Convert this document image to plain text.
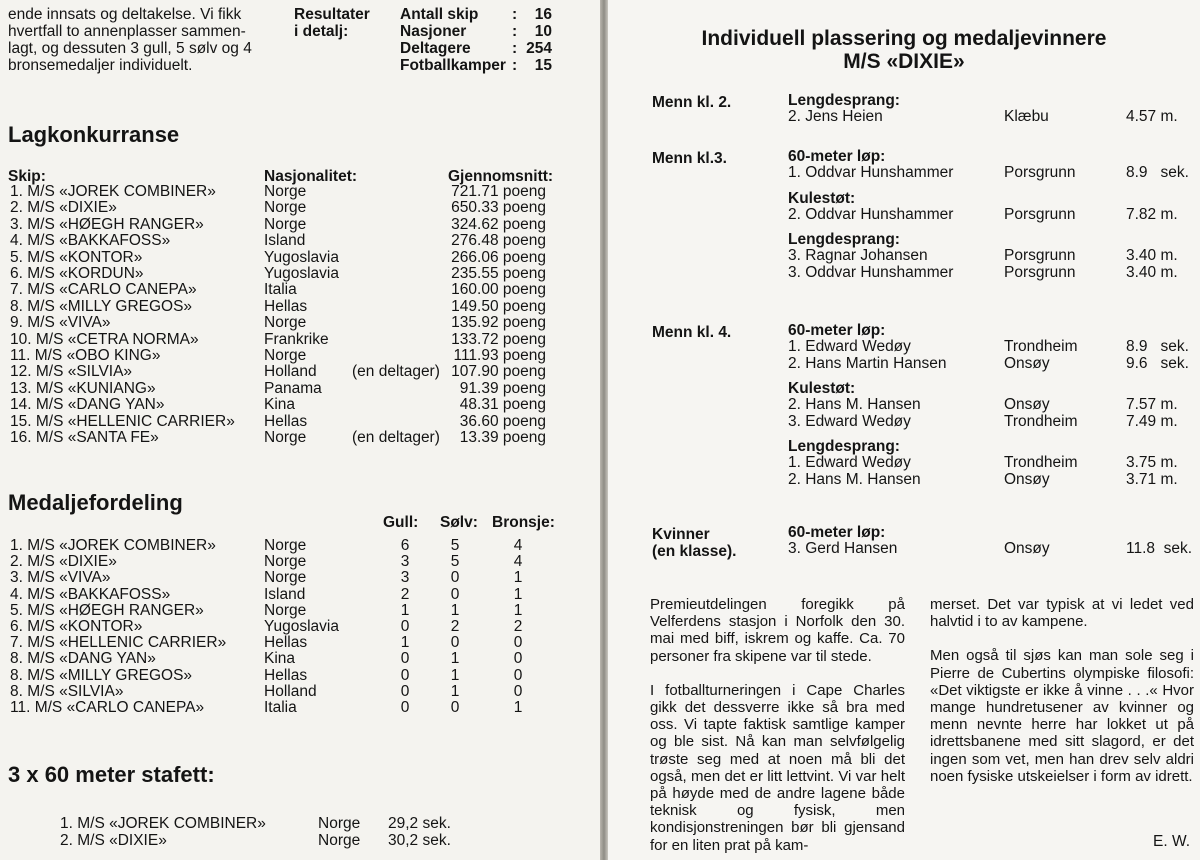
ende innsats og deltakelse. Vi fikk
hvertfall to annenplasser sammen-
lagt, og dessuten 3 gull, 5 sølv og 4
bronsemedaljer individuelt.
Resultater
i detalj:
Antall skip :	16
Nasjoner	:	10
Deltagere	: 254
Fotballkamper :	15
Lagkonkurranse
Skip:	Nasjonalitet:	Gjennomsnitt:
1. M/S «JOREK COMBINER»	Norge	721.71 poeng
2. M/S «DIXIE»	Norge	650.33 poeng
3. M/S «HØEGH RANGER»	Norge	324.62 poeng
4. M/S «BAKKAFOSS»	Island	276.48 poeng
5. M/S «KONTOR»	Yugoslavia	266.06 poeng
6. M/S «KORDUN»	Yugoslavia	235.55 poeng
7. M/S «CARLO CANEPA»	Italia	160.00 poeng
8. M/S «MILLY GREGOS»	Hellas	149.50 poeng
9. M/S «VIVA»	Norge	135.92 poeng
10. M/S «CETRA NORMA»	Frankrike	133.72 poeng
11. M/S «OBO KING»	Norge	111.93 poeng
12. M/S «SILVIA»	Holland (en deltager) 107.90 poeng
13. M/S «KUNIANG»	Panama	91.39 poeng
14. M/S «DANG YAN»	Kina	48.31 poeng
15. M/S «HELLENIC CARRIER» Hellas	36.60 poeng
16. M/S «SANTA FE»	Norge	(en deltager)	13.39 poeng
Medaljefordeling
Gull: Sølv: Bronsje:
1. M/S «JOREK COMBINER»	Norge	6	5	4
2. M/S «DIXIE»	Norge	3	5	4
3. M/S «VIVA»	Norge	3	0	1
4. M/S «BAKKAFOSS»	Island	2	0	1
5. M/S «HØEGH RANGER»	Norge	1	1	1
6. M/S «KONTOR»	Yugoslavia	0	2	2
7. M/S «HELLENIC CARRIER» Hellas	1	0	0
8. M/S «DANG YAN»	Kina	0	1	0
8. M/S «MILLY GREGOS»	Hellas	0	1	0
8. M/S «SILVIA»	Holland	0	1	0
11. M/S «CARLO CANEPA»	Italia	0	0	1
3 x 60 meter stafett:
1. M/S «JOREK COMBINER»	Norge 29,2 sek.
2. M/S «DIXIE»	Norge 30,2 sek.
Individuell plassering og medaljevinnere
M/S «DIXIE»
Menn kl. 2.	Lengdesprang:
2. Jens Heien	Klæbu	4.57 m.
Menn kl.3.	60-meter løp:
1. Oddvar Hunshammer	Porsgrunn	8.9   sek.
Kulestøt:
2. Oddvar Hunshammer	Porsgrunn	7.82 m.
Lengdesprang:
3. Ragnar Johansen	Porsgrunn	3.40 m.
3. Oddvar Hunshammer	Porsgrunn	3.40 m.
Menn kl. 4.	60-meter løp:
1. Edward Wedøy	Trondheim	8.9   sek.
2. Hans Martin Hansen	Onsøy	9.6   sek.
Kulestøt:
2. Hans M. Hansen	Onsøy	7.57 m.
3. Edward Wedøy	Trondheim	7.49 m.
Lengdesprang:
1. Edward Wedøy	Trondheim	3.75 m.
2. Hans M. Hansen	Onsøy	3.71 m.
Kvinner
(en klasse).
60-meter løp:
3. Gerd Hansen	Onsøy	11.8  sek.

Premieutdelingen foregikk på Velferdens stasjon i Norfolk den 30. mai med biff, iskrem og kaffe. Ca. 70 personer fra skipene var til stede.

I fotballturneringen i Cape Charles gikk det dessverre ikke så bra med oss. Vi tapte faktisk samtlige kamper og ble sist. Nå kan man selvfølgelig trøste seg med at noen må bli det også, men det er litt lettvint. Vi var helt på høyde med de andre lagene både teknisk og fysisk, men kondisjonstreningen bør bli gjensand for en liten prat på kam-

merset. Det var typisk at vi ledet ved halvtid i to av kampene.

Men også til sjøs kan man sole seg i Pierre de Cubertins olympiske filosofi: «Det viktigste er ikke å vinne . . .« Hvor mange hundretusener av kvinner og menn nevnte herre har lokket ut på idrettsbanene med sitt slagord, er det ingen som vet, men han drev selv aldri noen fysiske utskeielser i form av idrett.

E. W.
